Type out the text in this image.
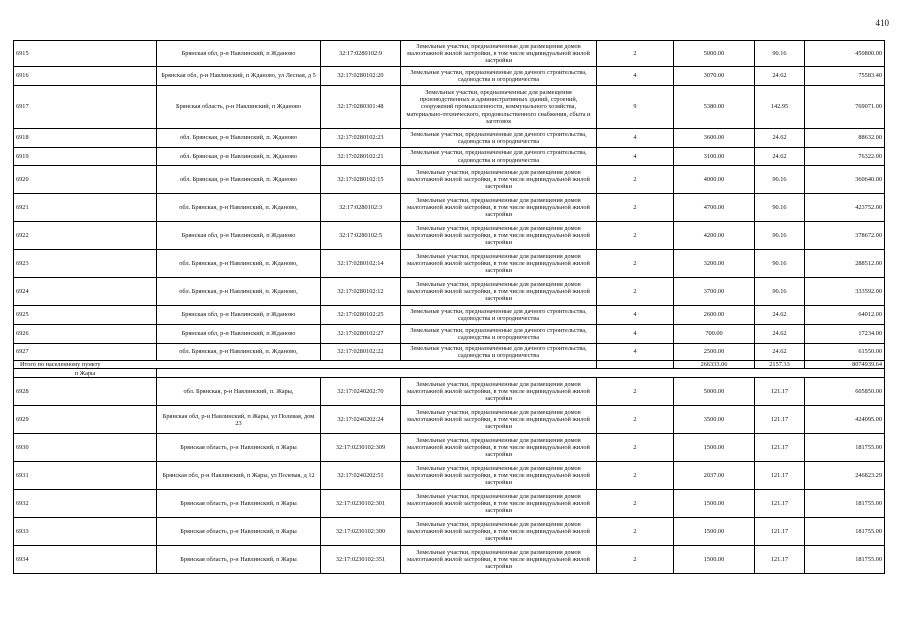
410
6915	Брянская обл, р-н Навлинский, п Жданово	32:17:0280102:9	Земельные участки, предназначенные для размещения домов малоэтажной жилой застройки, в том числе индивидуальной жилой застройки	2	5000.00	90.16	450800.00
6916	Брянская обл, р-н Навлинский, п Жданово, ул Лесная, д 5	32:17:0280102:20	Земельные участки, предназначенные для дачного строительства, садоводства и огородничества	4	3070.00	24.62	75583.40
6917	Брянская область, р-н Навлинский, п Жданово	32:17:0280301:48	Земельные участки, предназначенные для размещения производственных и административных зданий, строений, сооружений промышленности, коммунального хозяйства, материально-технического, продовольственного снабжения, сбыта и заготовок	9	5380.00	142.95	769071.00
6918	обл. Брянская, р-н Навлинский, п. Жданово	32:17:0280102:23	Земельные участки, предназначенные для дачного строительства, садоводства и огородничества	4	3600.00	24.62	88632.00
6919	обл. Брянская, р-н Навлинский, п. Жданово	32:17:0280102:21	Земельные участки, предназначенные для дачного строительства, садоводства и огородничества	4	3100.00	24.62	76322.00
6920	обл. Брянская, р-н Навлинский, п. Жданово	32:17:0280102:15	Земельные участки, предназначенные для размещения домов малоэтажной жилой застройки, в том числе индивидуальной жилой застройки	2	4000.00	90.16	360640.00
6921	обл. Брянская, р-н Навлинский, п. Жданово,	32:17:0280102:3	Земельные участки, предназначенные для размещения домов малоэтажной жилой застройки, в том числе индивидуальной жилой застройки	2	4700.00	90.16	423752.00
6922	Брянская обл, р-н Навлинский, п Жданово	32:17:0280102:5	Земельные участки, предназначенные для размещения домов малоэтажной жилой застройки, в том числе индивидуальной жилой застройки	2	4200.00	90.16	378672.00
6923	обл. Брянская, р-н Навлинский, п. Жданово,	32:17:0280102:14	Земельные участки, предназначенные для размещения домов малоэтажной жилой застройки, в том числе индивидуальной жилой застройки	2	3200.00	90.16	288512.00
6924	обл. Брянская, р-н Навлинский, п. Жданово,	32:17:0280102:12	Земельные участки, предназначенные для размещения домов малоэтажной жилой застройки, в том числе индивидуальной жилой застройки	2	3700.00	90.16	333592.00
6925	Брянская обл, р-н Навлинский, п Жданово	32:17:0280102:25	Земельные участки, предназначенные для дачного строительства, садоводства и огородничества	4	2600.00	24.62	64012.00
6926	Брянская обл, р-н Навлинский, п Жданово	32:17:0280102:27	Земельные участки, предназначенные для дачного строительства, садоводства и огородничества	4	700.00	24.62	17234.00
6927	обл. Брянская, р-н Навлинский, п. Жданово,	32:17:0280102:22	Земельные участки, предназначенные для дачного строительства, садоводства и огородничества	4	2500.00	24.62	61550.00
Итого по населенному пункту					266333.06	2157.33	8074939.64
п Жары							
6928	обл. Брянская, р-н Навлинский, п. Жары,	32:17:0240202:70	Земельные участки, предназначенные для размещения домов малоэтажной жилой застройки, в том числе индивидуальной жилой застройки	2	5000.00	121.17	605850.00
6929	Брянская обл, р-н Навлинский, п Жары, ул Полевая, дом 23	32:17:0240202:24	Земельные участки, предназначенные для размещения домов малоэтажной жилой застройки, в том числе индивидуальной жилой застройки	2	3500.00	121.17	424095.00
6930	Брянская область, р-н Навлинский, п Жары	32:17:0230102:309	Земельные участки, предназначенные для размещения домов малоэтажной жилой застройки, в том числе индивидуальной жилой застройки	2	1500.00	121.17	181755.00
6931	Брянская обл, р-н Навлинский, п Жары, ул Полевая, д 12	32:17:0240202:51	Земельные участки, предназначенные для размещения домов малоэтажной жилой застройки, в том числе индивидуальной жилой застройки	2	2037.00	121.17	246823.29
6932	Брянская область, р-н Навлинский, п Жары	32:17:0230102:301	Земельные участки, предназначенные для размещения домов малоэтажной жилой застройки, в том числе индивидуальной жилой застройки	2	1500.00	121.17	181755.00
6933	Брянская область, р-н Навлинский, п Жары	32:17:0230102:300	Земельные участки, предназначенные для размещения домов малоэтажной жилой застройки, в том числе индивидуальной жилой застройки	2	1500.00	121.17	181755.00
6934	Брянская область, р-н Навлинский, п Жары	32:17:0230102:351	Земельные участки, предназначенные для размещения домов малоэтажной жилой застройки, в том числе индивидуальной жилой застройки	2	1500.00	121.17	181755.00
